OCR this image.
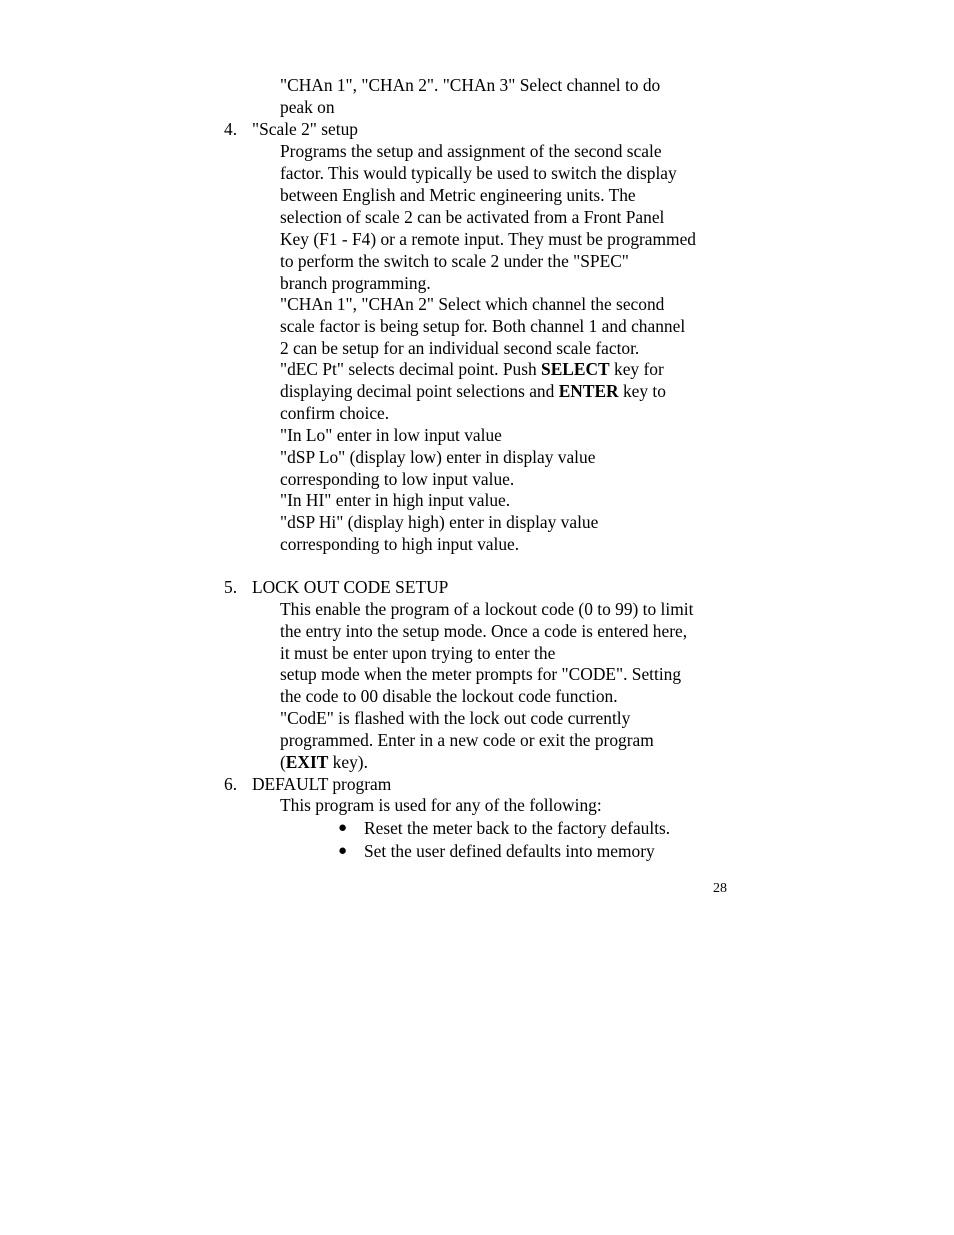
"CHAn 1", "CHAn 2". "CHAn 3" Select channel to do
peak on
4. "Scale 2" setup
Programs the setup and assignment of the second scale
factor. This would typically be used to switch the display
between English and Metric engineering units. The
selection of scale 2 can be activated from a Front Panel
Key (F1 - F4) or a remote input. They must be programmed
to perform the switch to scale 2 under the "SPEC"
branch programming.
"CHAn 1", "CHAn 2" Select which channel the second
scale factor is being setup for. Both channel 1 and channel
2 can be setup for an individual second scale factor.
"dEC Pt" selects decimal point. Push SELECT key for
displaying decimal point selections and ENTER key to
confirm choice.
"In Lo" enter in low input value
"dSP Lo" (display low) enter in display value
corresponding to low input value.
"In HI" enter in high input value.
"dSP Hi" (display high) enter in display value
corresponding to high input value.
5. LOCK OUT CODE SETUP
This enable the program of a lockout code (0 to 99) to limit
the entry into the setup mode. Once a code is entered here,
it must be enter upon trying to enter the
setup mode when the meter prompts for "CODE". Setting
the code to 00 disable the lockout code function.
"CodE" is flashed with the lock out code currently
programmed. Enter in a new code or exit the program
(EXIT key).
6. DEFAULT program
This program is used for any of the following:
● Reset the meter back to the factory defaults.
● Set the user defined defaults into memory
28
